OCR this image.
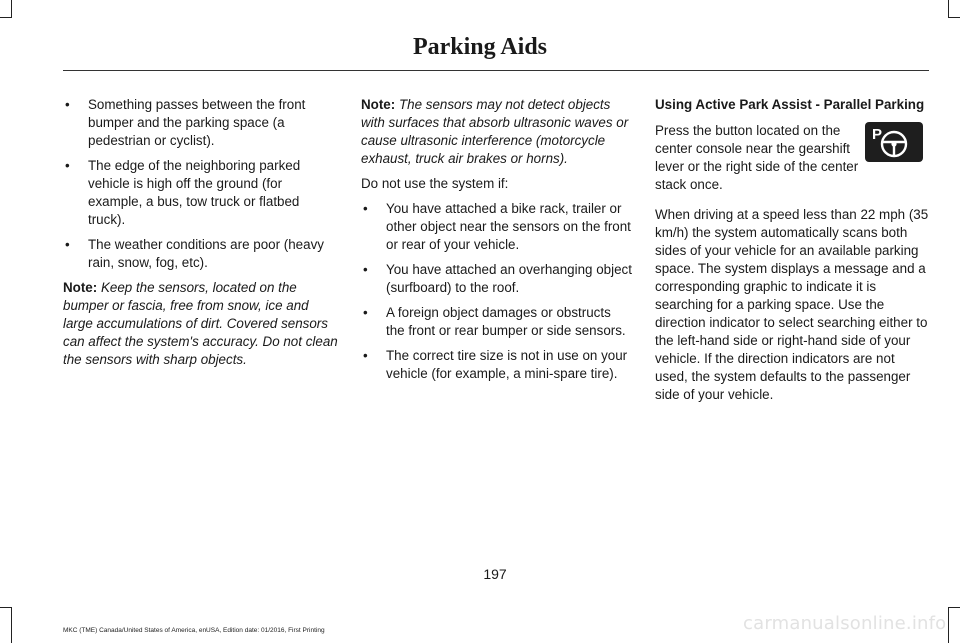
Parking Aids
• Something passes between the front bumper and the parking space (a pedestrian or cyclist).
• The edge of the neighboring parked vehicle is high off the ground (for example, a bus, tow truck or flatbed truck).
• The weather conditions are poor (heavy rain, snow, fog, etc).

Note: Keep the sensors, located on the bumper or fascia, free from snow, ice and large accumulations of dirt. Covered sensors can affect the system's accuracy. Do not clean the sensors with sharp objects.

Note: The sensors may not detect objects with surfaces that absorb ultrasonic waves or cause ultrasonic interference (motorcycle exhaust, truck air brakes or horns).

Do not use the system if:

• You have attached a bike rack, trailer or other object near the sensors on the front or rear of your vehicle.
• You have attached an overhanging object (surfboard) to the roof.
• A foreign object damages or obstructs the front or rear bumper or side sensors.
• The correct tire size is not in use on your vehicle (for example, a mini-spare tire).
Using Active Park Assist - Parallel Parking
P

Press the button located on the center console near the gearshift lever or the right side of the center stack once.

When driving at a speed less than 22 mph (35 km/h) the system automatically scans both sides of your vehicle for an available parking space. The system displays a message and a corresponding graphic to indicate it is searching for a parking space. Use the direction indicator to select searching either to the left-hand side or right-hand side of your vehicle. If the direction indicators are not used, the system defaults to the passenger side of your vehicle.

197
MKC (TME) Canada/United States of America, enUSA, Edition date: 01/2016, First Printing	carmanualsonline.info
